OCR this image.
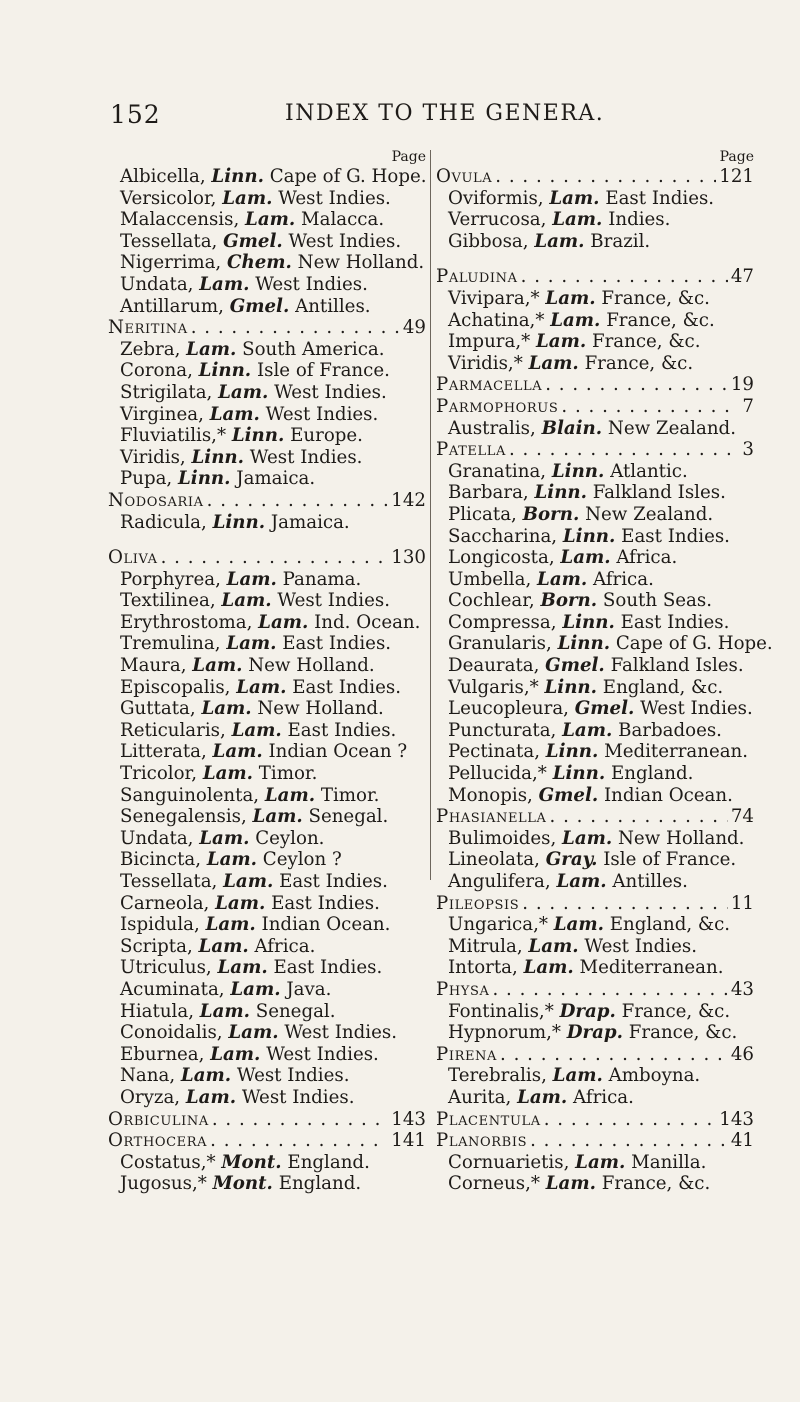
152	INDEX TO THE GENERA.
Page
Albicella, Linn. Cape of G. Hope.
Versicolor, Lam. West Indies.
Malaccensis, Lam. Malacca.
Tessellata, Gmel. West Indies.
Nigerrima, Chem. New Holland.
Undata, Lam. West Indies.
Antillarum, Gmel. Antilles.
Neritina . . .	49
Zebra, Lam. South America.
Corona, Linn. Isle of France.
Strigilata, Lam. West Indies.
Virginea, Lam. West Indies.
Fluviatilis,* Linn. Europe.
Viridis, Linn. West Indies.
Pupa, Linn. Jamaica.
Nodosaria . . .	142
Radicula, Linn. Jamaica.
Oliva . . .	130
Porphyrea, Lam. Panama.
Textilinea, Lam. West Indies.
Erythrostoma, Lam. Ind. Ocean.
Tremulina, Lam. East Indies.
Maura, Lam. New Holland.
Episcopalis, Lam. East Indies.
Guttata, Lam. New Holland.
Reticularis, Lam. East Indies.
Litterata, Lam. Indian Ocean ?
Tricolor, Lam. Timor.
Sanguinolenta, Lam. Timor.
Senegalensis, Lam. Senegal.
Undata, Lam. Ceylon.
Bicincta, Lam. Ceylon ?
Tessellata, Lam. East Indies.
Carneola, Lam. East Indies.
Ispidula, Lam. Indian Ocean.
Scripta, Lam. Africa.
Utriculus, Lam. East Indies.
Acuminata, Lam. Java.
Hiatula, Lam. Senegal.
Conoidalis, Lam. West Indies.
Eburnea, Lam. West Indies.
Nana, Lam. West Indies.
Oryza, Lam. West Indies.
Orbiculina . . .	143
Orthocera . . .	141
Costatus,* Mont. England.
Jugosus,* Mont. England.
Page
Ovula . . .	121
Oviformis, Lam. East Indies.
Verrucosa, Lam. Indies.
Gibbosa, Lam. Brazil.
Paludina . . .	47
Vivipara,* Lam. France, &c.
Achatina,* Lam. France, &c.
Impura,* Lam. France, &c.
Viridis,* Lam. France, &c.
Parmacella . . .	19
Parmophorus . . .	7
Australis, Blain. New Zealand.
Patella . . .	3
Granatina, Linn. Atlantic.
Barbara, Linn. Falkland Isles.
Plicata, Born. New Zealand.
Saccharina, Linn. East Indies.
Longicosta, Lam. Africa.
Umbella, Lam. Africa.
Cochlear, Born. South Seas.
Compressa, Linn. East Indies.
Granularis, Linn. Cape of G. Hope.
Deaurata, Gmel. Falkland Isles.
Vulgaris,* Linn. England, &c.
Leucopleura, Gmel. West Indies.
Puncturata, Lam. Barbadoes.
Pectinata, Linn. Mediterranean.
Pellucida,* Linn. England.
Monopis, Gmel. Indian Ocean.
Phasianella . . .	74
Bulimoides, Lam. New Holland.
Lineolata, Gray. Isle of France.
Angulifera, Lam. Antilles.
Pileopsis . . .	11
Ungarica,* Lam. England, &c.
Mitrula, Lam. West Indies.
Intorta, Lam. Mediterranean.
Physa . . .	43
Fontinalis,* Drap. France, &c.
Hypnorum,* Drap. France, &c.
Pirena . . .	46
Terebralis, Lam. Amboyna.
Aurita, Lam. Africa.
Placentula . . .	143
Planorbis . . .	41
Cornuarietis, Lam. Manilla.
Corneus,* Lam. France, &c.
